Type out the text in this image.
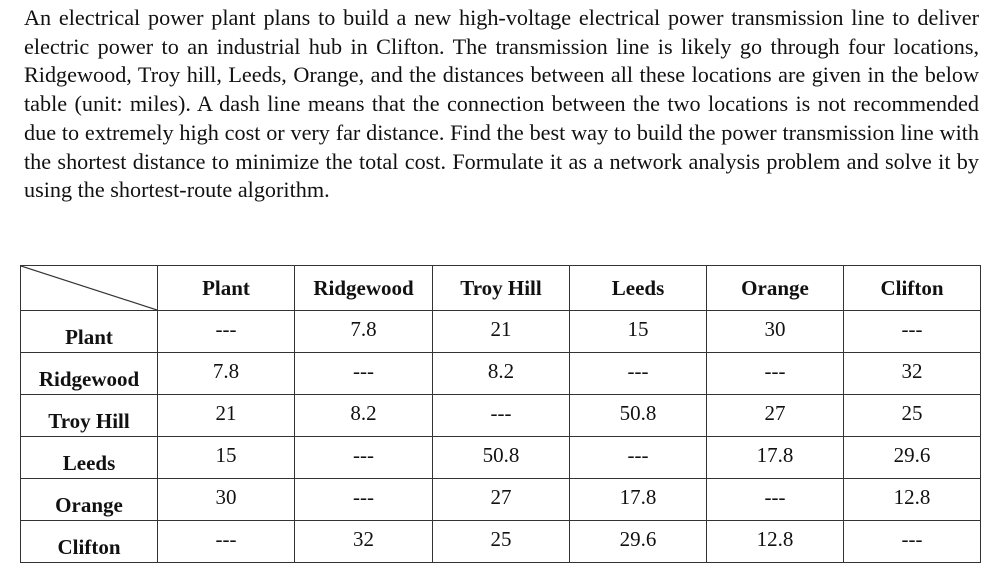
An electrical power plant plans to build a new high-voltage electrical power transmission line to deliver electric power to an industrial hub in Clifton. The transmission line is likely go through four locations, Ridgewood, Troy hill, Leeds, Orange, and the distances between all these locations are given in the below table (unit: miles). A dash line means that the connection between the two locations is not recommended due to extremely high cost or very far distance. Find the best way to build the power transmission line with the shortest distance to minimize the total cost. Formulate it as a network analysis problem and solve it by using the shortest-route algorithm.

	Plant	Ridgewood	Troy Hill	Leeds	Orange	Clifton
Plant	---	7.8	21	15	30	---
Ridgewood	7.8	---	8.2	---	---	32
Troy Hill	21	8.2	---	50.8	27	25
Leeds	15	---	50.8	---	17.8	29.6
Orange	30	---	27	17.8	---	12.8
Clifton	---	32	25	29.6	12.8	---
